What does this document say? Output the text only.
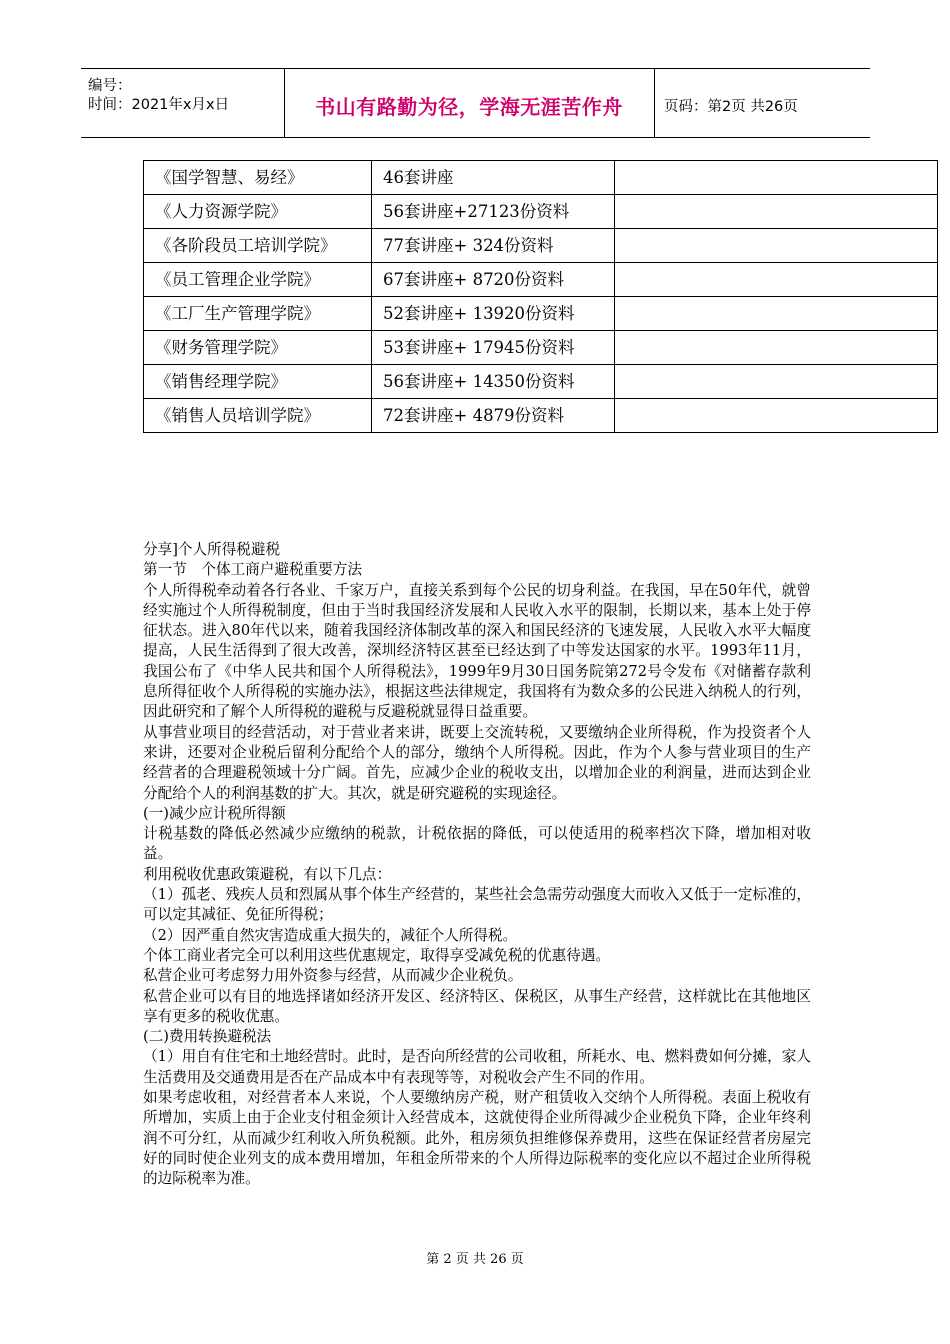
编号：
时间：2021年x月x日	书山有路勤为径，学海无涯苦作舟	页码：第2页 共26页
《国学智慧、易经》	46套讲座	
《人力资源学院》	56套讲座+27123份资料	
《各阶段员工培训学院》	77套讲座+ 324份资料	
《员工管理企业学院》	67套讲座+ 8720份资料	
《工厂生产管理学院》	52套讲座+ 13920份资料	
《财务管理学院》	53套讲座+ 17945份资料	
《销售经理学院》	56套讲座+ 14350份资料	
《销售人员培训学院》	72套讲座+ 4879份资料	

分享]个人所得税避税

第一节　个体工商户避税重要方法

个人所得税牵动着各行各业、千家万户，直接关系到每个公民的切身利益。在我国，早在50年代，就曾经实施过个人所得税制度，但由于当时我国经济发展和人民收入水平的限制，长期以来，基本上处于停征状态。进入80年代以来，随着我国经济体制改革的深入和国民经济的飞速发展，人民收入水平大幅度提高，人民生活得到了很大改善，深圳经济特区甚至已经达到了中等发达国家的水平。1993年11月，我国公布了《中华人民共和国个人所得税法》，1999年9月30日国务院第272号令发布《对储蓄存款利息所得征收个人所得税的实施办法》，根据这些法律规定，我国将有为数众多的公民进入纳税人的行列，因此研究和了解个人所得税的避税与反避税就显得日益重要。

从事营业项目的经营活动，对于营业者来讲，既要上交流转税，又要缴纳企业所得税，作为投资者个人来讲，还要对企业税后留利分配给个人的部分，缴纳个人所得税。因此，作为个人参与营业项目的生产经营者的合理避税领域十分广阔。首先，应减少企业的税收支出，以增加企业的利润量，进而达到企业分配给个人的利润基数的扩大。其次，就是研究避税的实现途径。

(一)减少应计税所得额

计税基数的降低必然减少应缴纳的税款，计税依据的降低，可以使适用的税率档次下降，增加相对收益。

利用税收优惠政策避税，有以下几点：

（1）孤老、残疾人员和烈属从事个体生产经营的，某些社会急需劳动强度大而收入又低于一定标准的，可以定其减征、免征所得税；

（2）因严重自然灾害造成重大损失的，减征个人所得税。

个体工商业者完全可以利用这些优惠规定，取得享受减免税的优惠待遇。

私营企业可考虑努力用外资参与经营，从而减少企业税负。

私营企业可以有目的地选择诸如经济开发区、经济特区、保税区，从事生产经营，这样就比在其他地区享有更多的税收优惠。

(二)费用转换避税法

（1）用自有住宅和土地经营时。此时，是否向所经营的公司收租，所耗水、电、燃料费如何分摊，家人生活费用及交通费用是否在产品成本中有表现等等，对税收会产生不同的作用。

如果考虑收租，对经营者本人来说，个人要缴纳房产税，财产租赁收入交纳个人所得税。表面上税收有所增加，实质上由于企业支付租金须计入经营成本，这就使得企业所得减少企业税负下降，企业年终利润不可分红，从而减少红利收入所负税额。此外，租房须负担维修保养费用，这些在保证经营者房屋完好的同时使企业列支的成本费用增加，年租金所带来的个人所得边际税率的变化应以不超过企业所得税的边际税率为准。

第 2 页 共 26 页
